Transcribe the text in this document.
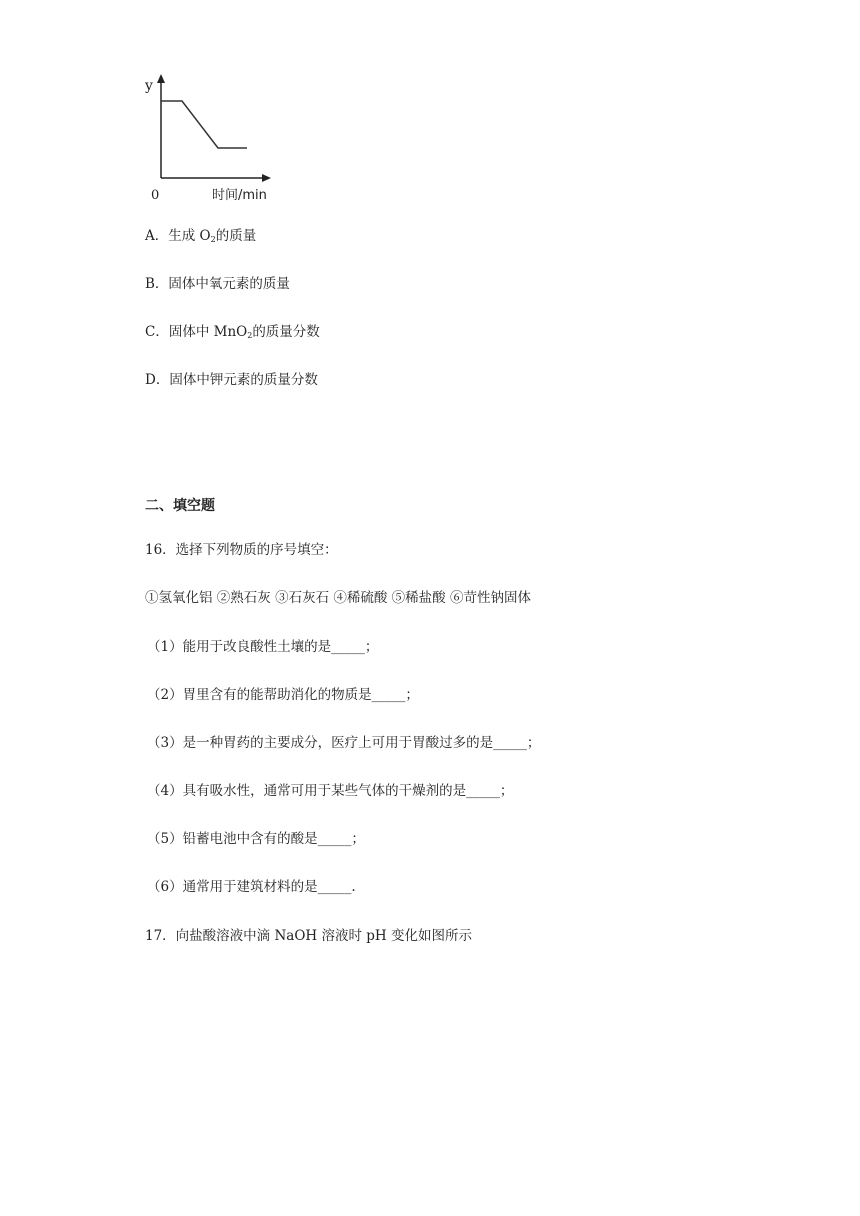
y
0	时间/min
A．生成 $O_2$的质量
B．固体中氧元素的质量
C．固体中 MnO$_2$的质量分数
D．固体中钾元素的质量分数
二、填空题
16．选择下列物质的序号填空：
①氢氧化铝 ②熟石灰 ③石灰石 ④稀硫酸 ⑤稀盐酸 ⑥苛性钠固体
（1）能用于改良酸性土壤的是_____；
（2）胃里含有的能帮助消化的物质是_____；
（3）是一种胃药的主要成分，医疗上可用于胃酸过多的是_____；
（4）具有吸水性，通常可用于某些气体的干燥剂的是_____；
（5）铅蓄电池中含有的酸是_____；
（6）通常用于建筑材料的是_____.
17．向盐酸溶液中滴 NaOH 溶液时 pH 变化如图所示
